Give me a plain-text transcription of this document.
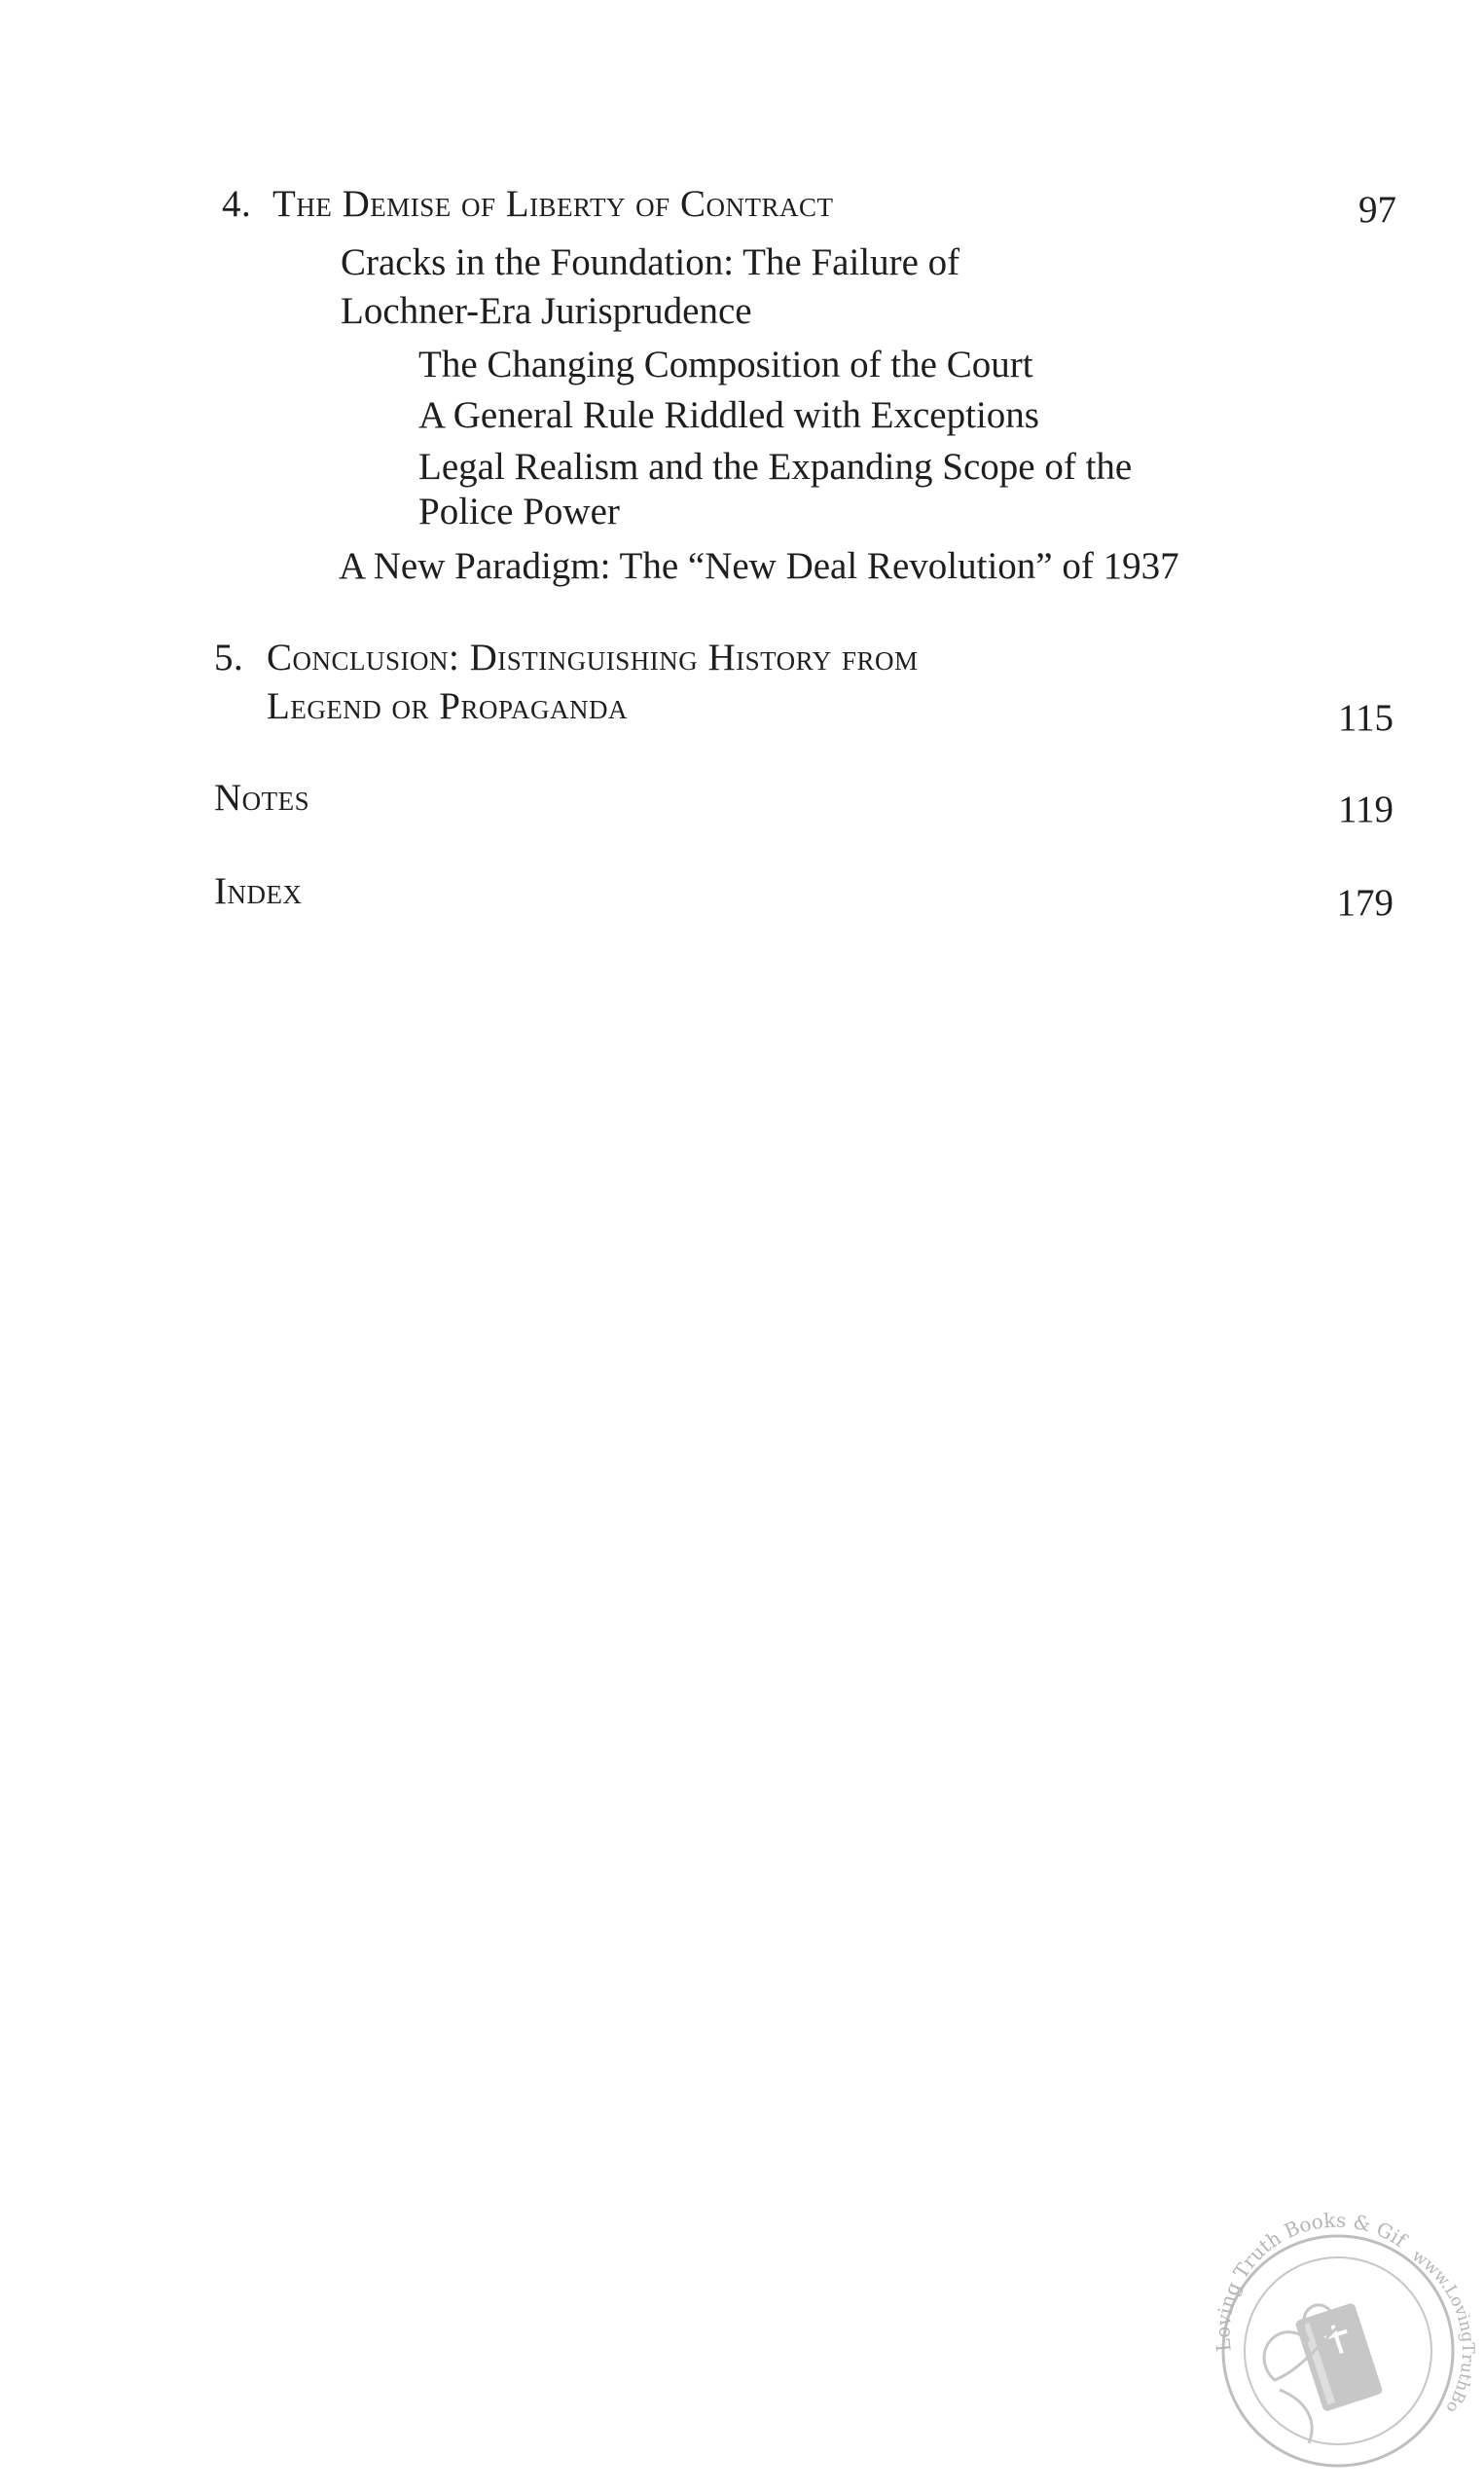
4. The Demise of Liberty of Contract	97
Cracks in the Foundation: The Failure of
Lochner-Era Jurisprudence
The Changing Composition of the Court
A General Rule Riddled with Exceptions
Legal Realism and the Expanding Scope of the
Police Power
A New Paradigm: The “New Deal Revolution” of 1937
5. Conclusion: Distinguishing History from
Legend or Propaganda	115
Notes	119
Index	179
Loving Truth Books & Gif
www.LovingTruthBo
